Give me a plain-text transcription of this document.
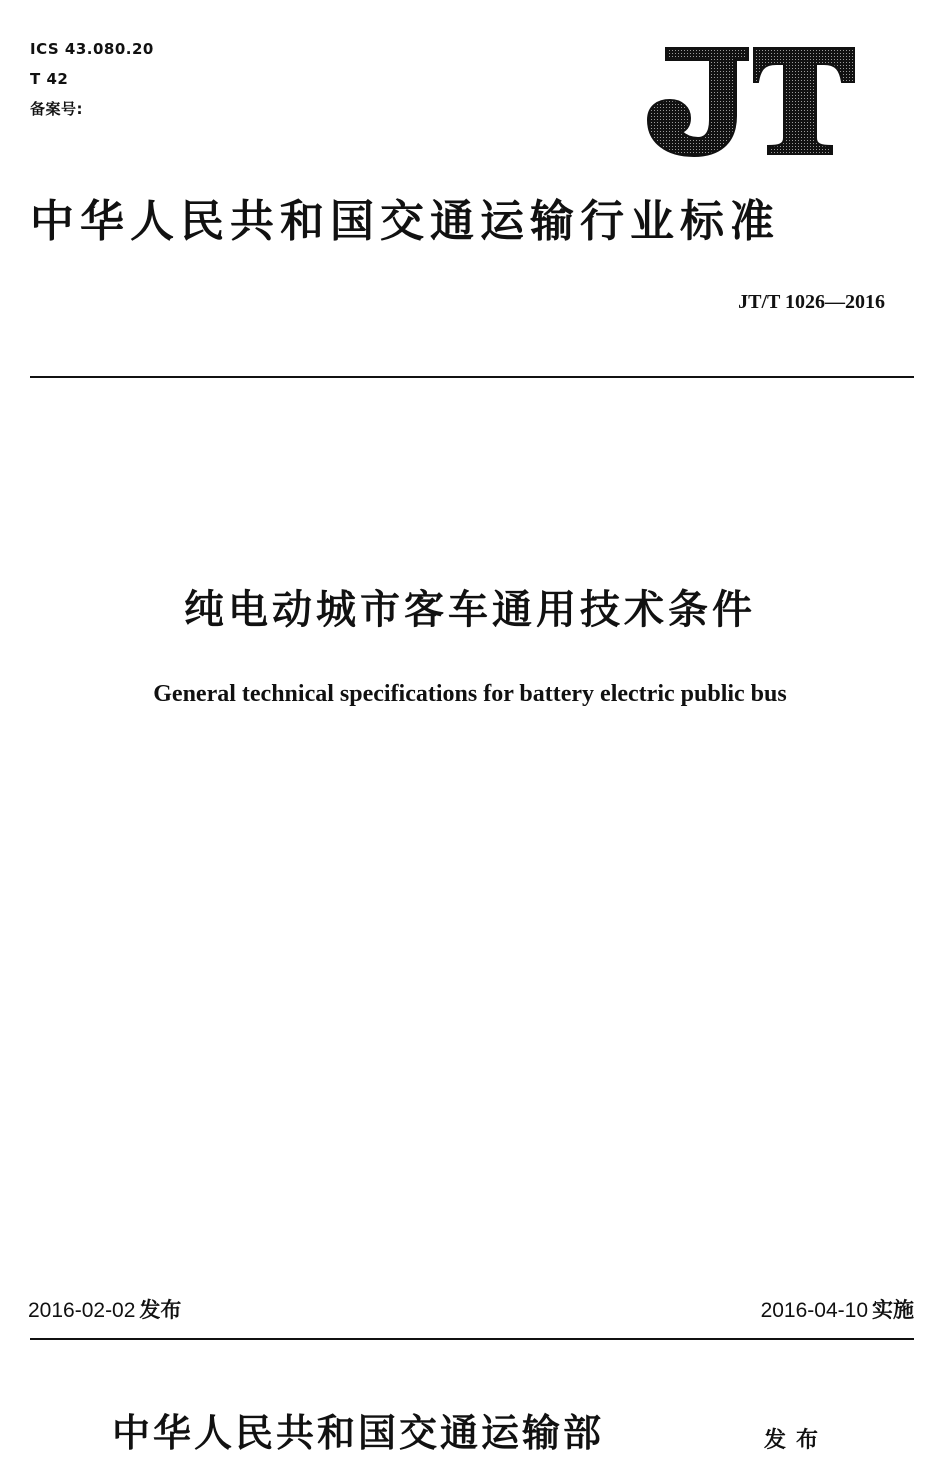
ICS 43.080.20
T 42
备案号:
中华人民共和国交通运输行业标准
JT/T 1026—2016
纯电动城市客车通用技术条件
General technical specifications for battery electric public bus
2016-02-02 发布	2016-04-10 实施
中华人民共和国交通运输部	发布
